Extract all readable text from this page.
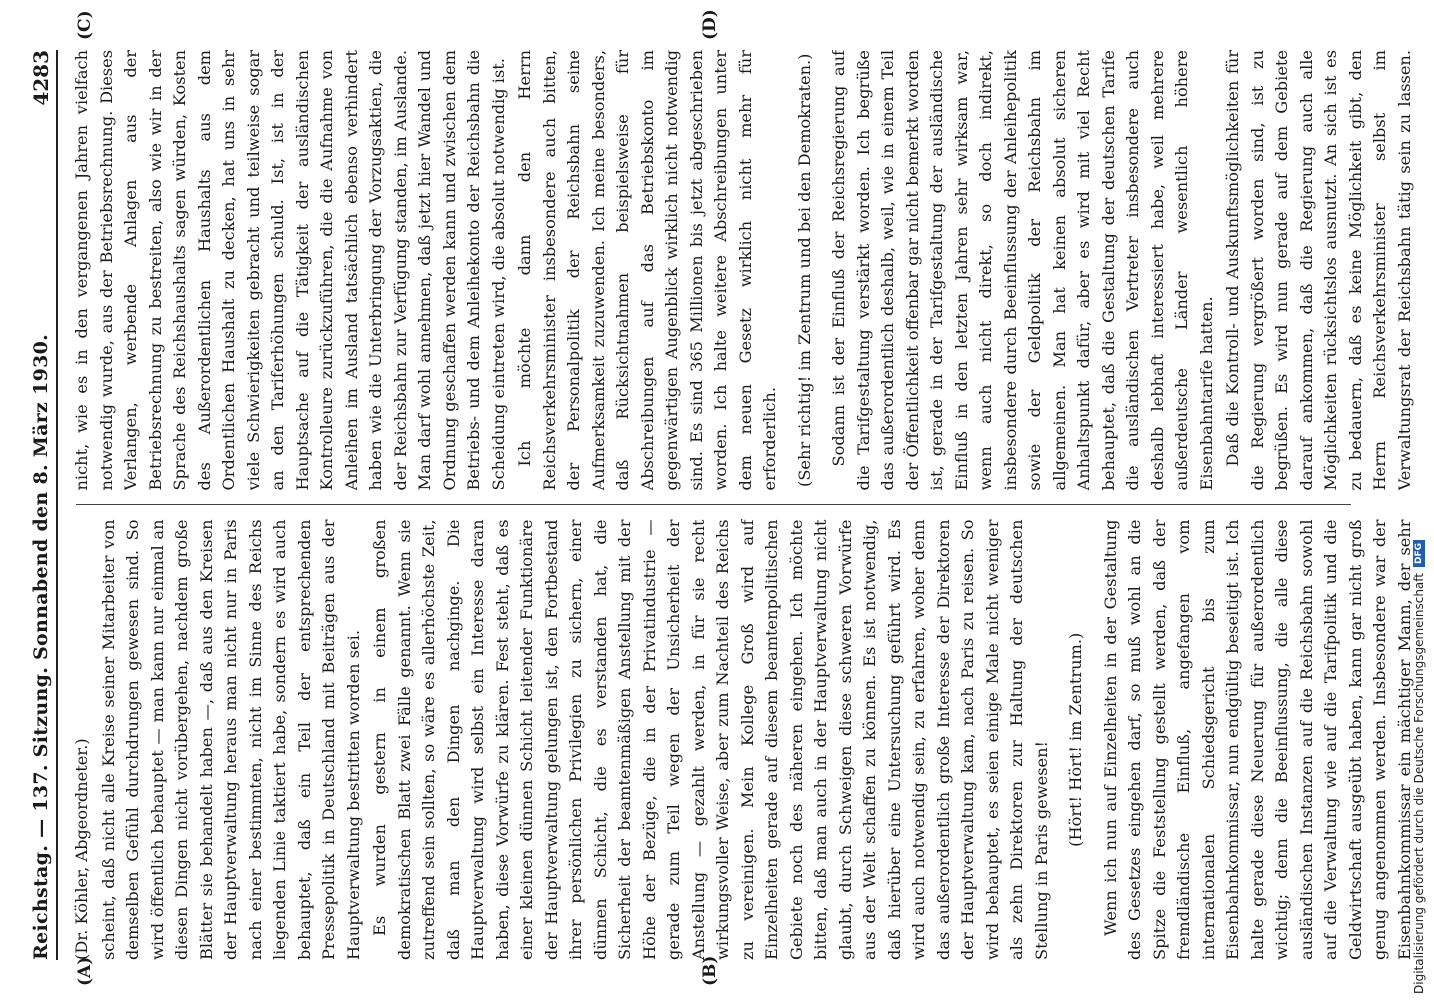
Reichstag. — 137. Sitzung. Sonnabend den 8. März 1930.
4283
(A)	(B)
(C)	(D)

(Dr. Köhler, Abgeordneter.) scheint, daß nicht alle Kreise seiner Mitarbeiter von demselben Gefühl durchdrungen gewesen sind. So wird öffentlich behauptet — man kann nur einmal an diesen Dingen nicht vorübergehen, nachdem große Blätter sie behandelt haben —, daß aus den Kreisen der Hauptverwaltung heraus man nicht nur in Paris nach einer bestimmten, nicht im Sinne des Reichs liegenden Linie taktiert habe, sondern es wird auch behauptet, daß ein Teil der entsprechenden Pressepolitik in Deutschland mit Beiträgen aus der Hauptverwaltung bestritten worden sei. Es wurden gestern in einem großen demokratischen Blatt zwei Fälle genannt. Wenn sie zutreffend sein sollten, so wäre es allerhöchste Zeit, daß man den Dingen nachginge. Die Hauptverwaltung wird selbst ein Interesse daran haben, diese Vorwürfe zu klären. Fest steht, daß es einer kleinen dünnen Schicht leitender Funktionäre der Hauptverwaltung gelungen ist, den Fortbestand ihrer persönlichen Privilegien zu sichern, einer dünnen Schicht, die es verstanden hat, die Sicherheit der beamtenmäßigen Anstellung mit der Höhe der Bezüge, die in der Privatindustrie — gerade zum Teil wegen der Unsicherheit der Anstellung — gezahlt werden, in für sie recht wirkungsvoller Weise, aber zum Nachteil des Reichs zu vereinigen. Mein Kollege Groß wird auf Einzelheiten gerade auf diesem beamtenpolitischen Gebiete noch des näheren eingehen. Ich möchte bitten, daß man auch in der Hauptverwaltung nicht glaubt, durch Schweigen diese schweren Vorwürfe aus der Welt schaffen zu können. Es ist notwendig, daß hierüber eine Untersuchung geführt wird. Es wird auch notwendig sein, zu erfahren, woher denn das außerordentlich große Interesse der Direktoren der Hauptverwaltung kam, nach Paris zu reisen. So wird behauptet, es seien einige Male nicht weniger als zehn Direktoren zur Haltung der deutschen Stellung in Paris gewesen!

(Hört! Hört! im Zentrum.)

Wenn ich nun auf Einzelheiten in der Gestaltung des Gesetzes eingehen darf, so muß wohl an die Spitze die Feststellung gestellt werden, daß der fremdländische Einfluß, angefangen vom internationalen Schiedsgericht bis zum Eisenbahnkommissar, nun endgültig beseitigt ist. Ich halte gerade diese Neuerung für außerordentlich wichtig; denn die Beeinflussung, die alle diese ausländischen Instanzen auf die Reichsbahn sowohl auf die Verwaltung wie auf die Tarifpolitik und die Geldwirtschaft ausgeübt haben, kann gar nicht groß genug angenommen werden. Insbesondere war der Eisenbahnkommissar ein mächtiger Mann, der sehr

nicht, wie es in den vergangenen Jahren vielfach notwendig wurde, aus der Betriebsrechnung. Dieses Verlangen, werbende Anlagen aus der Betriebsrechnung zu bestreiten, also wie wir in der Sprache des Reichshaushalts sagen würden, Kosten des Außerordentlichen Haushalts aus dem Ordentlichen Haushalt zu decken, hat uns in sehr viele Schwierigkeiten gebracht und teilweise sogar an den Tariferhöhungen schuld. Ist, ist in der Hauptsache auf die Tätigkeit der ausländischen Kontrolleure zurückzuführen, die die Aufnahme von Anleihen im Ausland tatsächlich ebenso verhindert haben wie die Unterbringung der Vorzugsaktien, die der Reichsbahn zur Verfügung standen, im Auslande. Man darf wohl annehmen, daß jetzt hier Wandel und Ordnung geschaffen werden kann und zwischen dem Betriebs- und dem Anleihekonto der Reichsbahn die Scheidung eintreten wird, die absolut notwendig ist. Ich möchte dann den Herrn Reichsverkehrsminister insbesondere auch bitten, der Personalpolitik der Reichsbahn seine Aufmerksamkeit zuzuwenden. Ich meine besonders, daß Rücksichtnahmen beispielsweise für Abschreibungen auf das Betriebskonto im gegenwärtigen Augenblick wirklich nicht notwendig sind. Es sind 365 Millionen bis jetzt abgeschrieben worden. Ich halte weitere Abschreibungen unter dem neuen Gesetz wirklich nicht mehr für erforderlich. (Sehr richtig! im Zentrum und bei den Demokraten.) Sodann ist der Einfluß der Reichsregierung auf die Tarifgestaltung verstärkt worden. Ich begrüße das außerordentlich deshalb, weil, wie in einem Teil der Öffentlichkeit offenbar gar nicht bemerkt worden ist, gerade in der Tarifgestaltung der ausländische Einfluß in den letzten Jahren sehr wirksam war, wenn auch nicht direkt, so doch indirekt, insbesondere durch Beeinflussung der Anleihepolitik sowie der Geldpolitik der Reichsbahn im allgemeinen. Man hat keinen absolut sicheren Anhaltspunkt dafür, aber es wird mit viel Recht behauptet, daß die Gestaltung der deutschen Tarife die ausländischen Vertreter insbesondere auch deshalb lebhaft interessiert habe, weil mehrere außerdeutsche Länder wesentlich höhere Eisenbahntarife hatten. Daß die Kontroll- und Auskunftsmöglichkeiten für die Regierung vergrößert worden sind, ist zu begrüßen. Es wird nun gerade auf dem Gebiete darauf ankommen, daß die Regierung auch alle Möglichkeiten rücksichtslos ausnutzt. An sich ist es zu bedauern, daß es keine Möglichkeit gibt, den Herrn Reichsverkehrsminister selbst im Verwaltungsrat der Reichsbahn tätig sein zu lassen.

Digitalisierung gefördert durch die Deutsche Forschungsgemeinschaft
DFG
